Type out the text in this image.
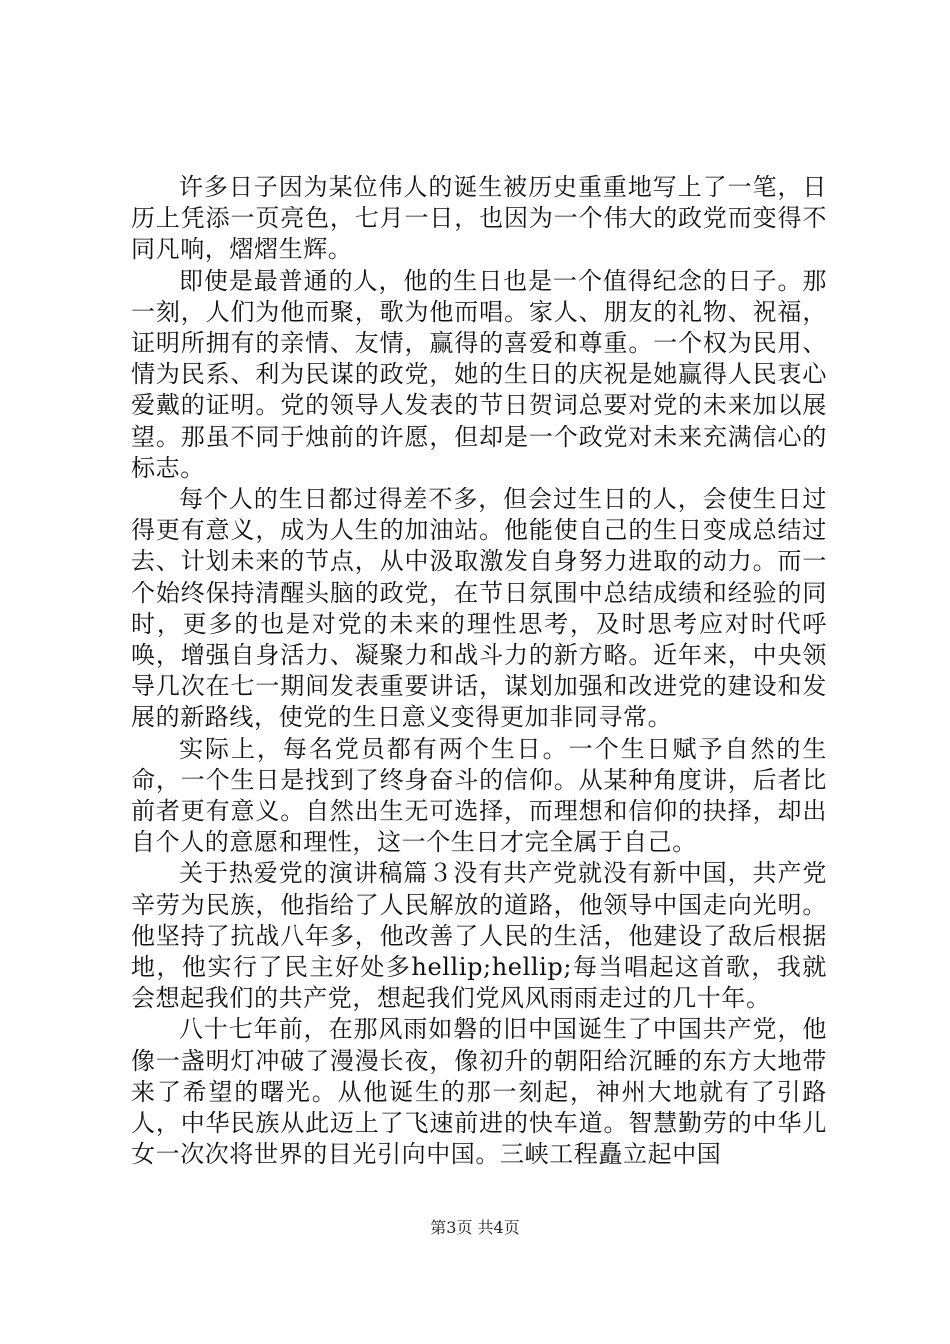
许多日子因为某位伟人的诞生被历史重重地写上了一笔，日历上凭添一页亮色，七月一日，也因为一个伟大的政党而变得不同凡响，熠熠生辉。

即使是最普通的人，他的生日也是一个值得纪念的日子。那一刻，人们为他而聚，歌为他而唱。家人、朋友的礼物、祝福，证明所拥有的亲情、友情，赢得的喜爱和尊重。一个权为民用、情为民系、利为民谋的政党，她的生日的庆祝是她赢得人民衷心爱戴的证明。党的领导人发表的节日贺词总要对党的未来加以展望。那虽不同于烛前的许愿，但却是一个政党对未来充满信心的标志。

每个人的生日都过得差不多，但会过生日的人，会使生日过得更有意义，成为人生的加油站。他能使自己的生日变成总结过去、计划未来的节点，从中汲取激发自身努力进取的动力。而一个始终保持清醒头脑的政党，在节日氛围中总结成绩和经验的同时，更多的也是对党的未来的理性思考，及时思考应对时代呼唤，增强自身活力、凝聚力和战斗力的新方略。近年来，中央领导几次在七一期间发表重要讲话，谋划加强和改进党的建设和发展的新路线，使党的生日意义变得更加非同寻常。

实际上，每名党员都有两个生日。一个生日赋予自然的生命，一个生日是找到了终身奋斗的信仰。从某种角度讲，后者比前者更有意义。自然出生无可选择，而理想和信仰的抉择，却出自个人的意愿和理性，这一个生日才完全属于自己。

关于热爱党的演讲稿篇３没有共产党就没有新中国，共产党辛劳为民族，他指给了人民解放的道路，他领导中国走向光明。他坚持了抗战八年多，他改善了人民的生活，他建设了敌后根据地，他实行了民主好处多hellip;hellip;每当唱起这首歌，我就会想起我们的共产党，想起我们党风风雨雨走过的几十年。

八十七年前，在那风雨如磐的旧中国诞生了中国共产党，他像一盏明灯冲破了漫漫长夜，像初升的朝阳给沉睡的东方大地带来了希望的曙光。从他诞生的那一刻起，神州大地就有了引路人，中华民族从此迈上了飞速前进的快车道。智慧勤劳的中华儿女一次次将世界的目光引向中国。三峡工程矗立起中国

第3页 共4页
